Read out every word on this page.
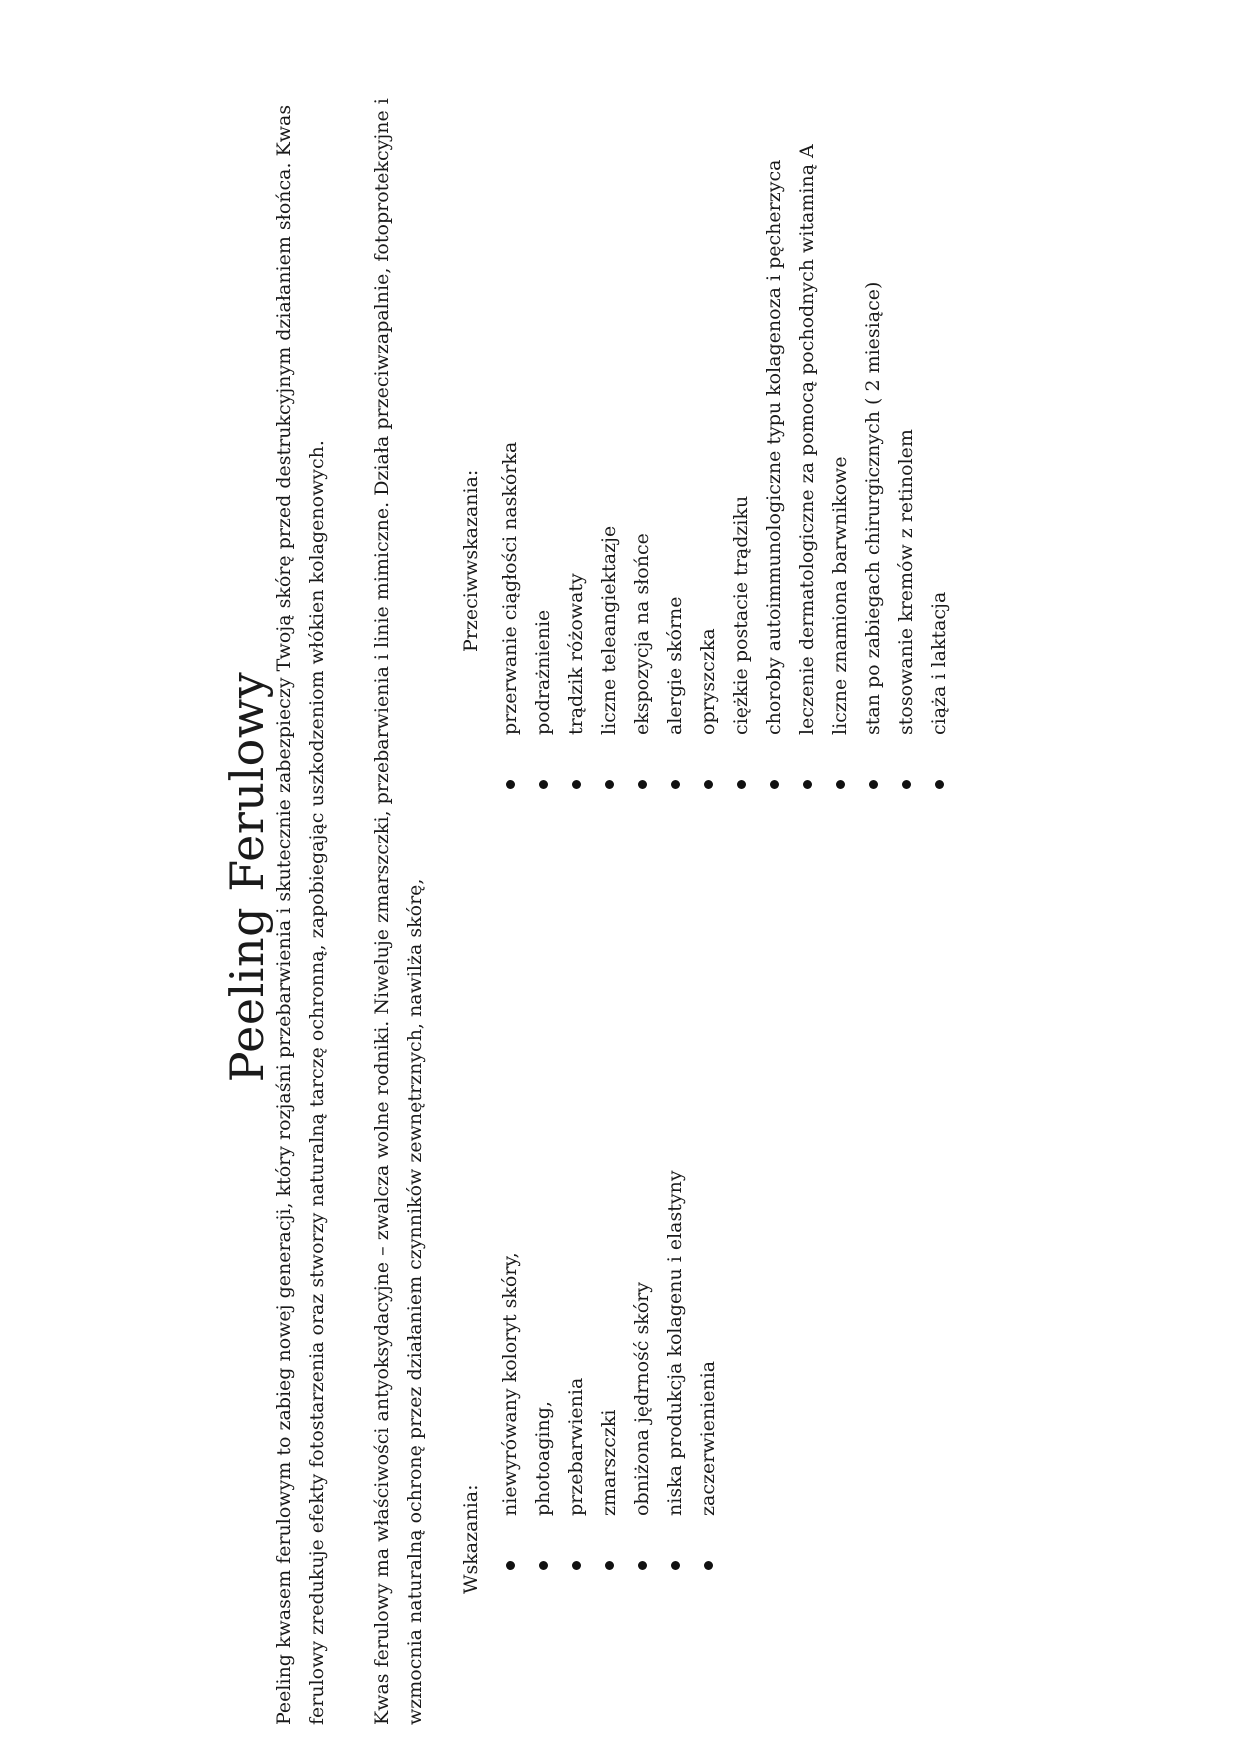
Peeling Ferulowy Peeling kwasem ferulowym to zabieg nowej generacji, który rozjaśni przebarwienia i skutecznie zabezpieczy Twoją skórę przed destrukcyjnym działaniem słońca. Kwas ferulowy zredukuje efekty fotostarzenia oraz stworzy naturalną tarczę ochronną, zapobiegając uszkodzeniom włókien kolagenowych.	Kwas ferulowy ma właściwości antyoksydacyjne – zwalcza wolne rodniki. Niweluje zmarszczki, przebarwienia i linie mimiczne. Działa przeciwzapalnie, fotoprotekcyjne i wzmocnia naturalną ochronę przez działaniem czynników zewnętrznych, nawilża skórę,	Wskazania:
niewyrówany koloryt skóry, photoaging, przebarwienia zmarszczki obniżona jędrność skóry niska produkcja kolagenu i elastyny zaczerwienienia
Przeciwwskazania: przerwanie ciągłości naskórka podrażnienie trądzik różowaty liczne teleangiektazje ekspozycja na słońce alergie skórne opryszczka ciężkie postacie trądziku choroby autoimmunologiczne typu kolagenoza i pęcherzyca leczenie dermatologiczne za pomocą pochodnych witaminą A liczne znamiona barwnikowe stan po zabiegach chirurgicznych ( 2 miesiące) stosowanie kremów z retinolem ciąża i laktacja
